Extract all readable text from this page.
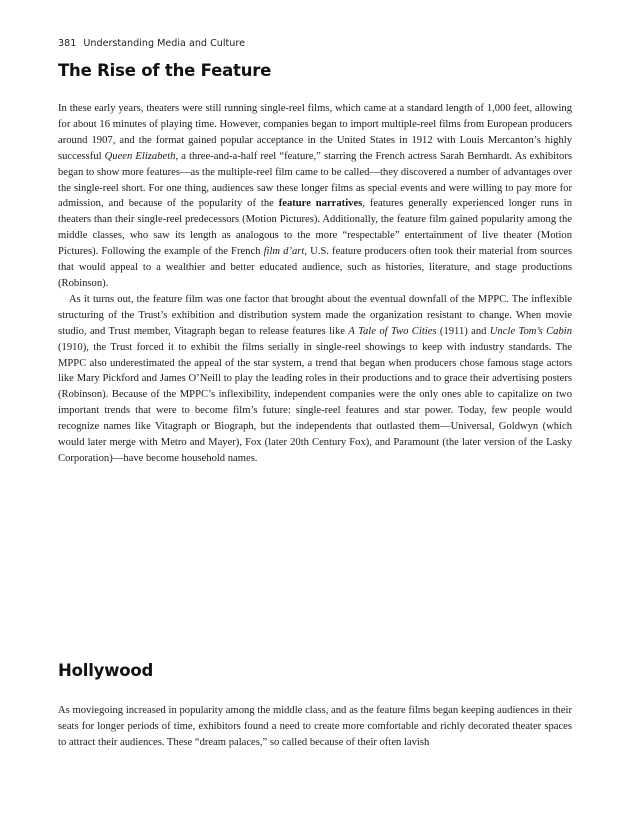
381 Understanding Media and Culture
The Rise of the Feature

In these early years, theaters were still running single-reel films, which came at a standard length of 1,000 feet, allowing for about 16 minutes of playing time. However, companies began to import multiple-reel films from European producers around 1907, and the format gained popular acceptance in the United States in 1912 with Louis Mercanton’s highly successful Queen Elizabeth, a three-and-a-half reel “feature,” starring the French actress Sarah Bernhardt. As exhibitors began to show more features—as the multiple-reel film came to be called—they discovered a number of advantages over the single-reel short. For one thing, audiences saw these longer films as special events and were willing to pay more for admission, and because of the popularity of the feature narratives, features generally experienced longer runs in theaters than their single-reel predecessors (Motion Pictures). Additionally, the feature film gained popularity among the middle classes, who saw its length as analogous to the more “respectable” entertainment of live theater (Motion Pictures). Following the example of the French film d’art, U.S. feature producers often took their material from sources that would appeal to a wealthier and better educated audience, such as histories, literature, and stage productions (Robinson).

As it turns out, the feature film was one factor that brought about the eventual downfall of the MPPC. The inflexible structuring of the Trust’s exhibition and distribution system made the organization resistant to change. When movie studio, and Trust member, Vitagraph began to release features like A Tale of Two Cities (1911) and Uncle Tom’s Cabin (1910), the Trust forced it to exhibit the films serially in single-reel showings to keep with industry standards. The MPPC also underestimated the appeal of the star system, a trend that began when producers chose famous stage actors like Mary Pickford and James O’Neill to play the leading roles in their productions and to grace their advertising posters (Robinson). Because of the MPPC’s inflexibility, independent companies were the only ones able to capitalize on two important trends that were to become film’s future: single-reel features and star power. Today, few people would recognize names like Vitagraph or Biograph, but the independents that outlasted them—Universal, Goldwyn (which would later merge with Metro and Mayer), Fox (later 20th Century Fox), and Paramount (the later version of the Lasky Corporation)—have become household names.

Hollywood

As moviegoing increased in popularity among the middle class, and as the feature films began keeping audiences in their seats for longer periods of time, exhibitors found a need to create more comfortable and richly decorated theater spaces to attract their audiences. These “dream palaces,” so called because of their often lavish
